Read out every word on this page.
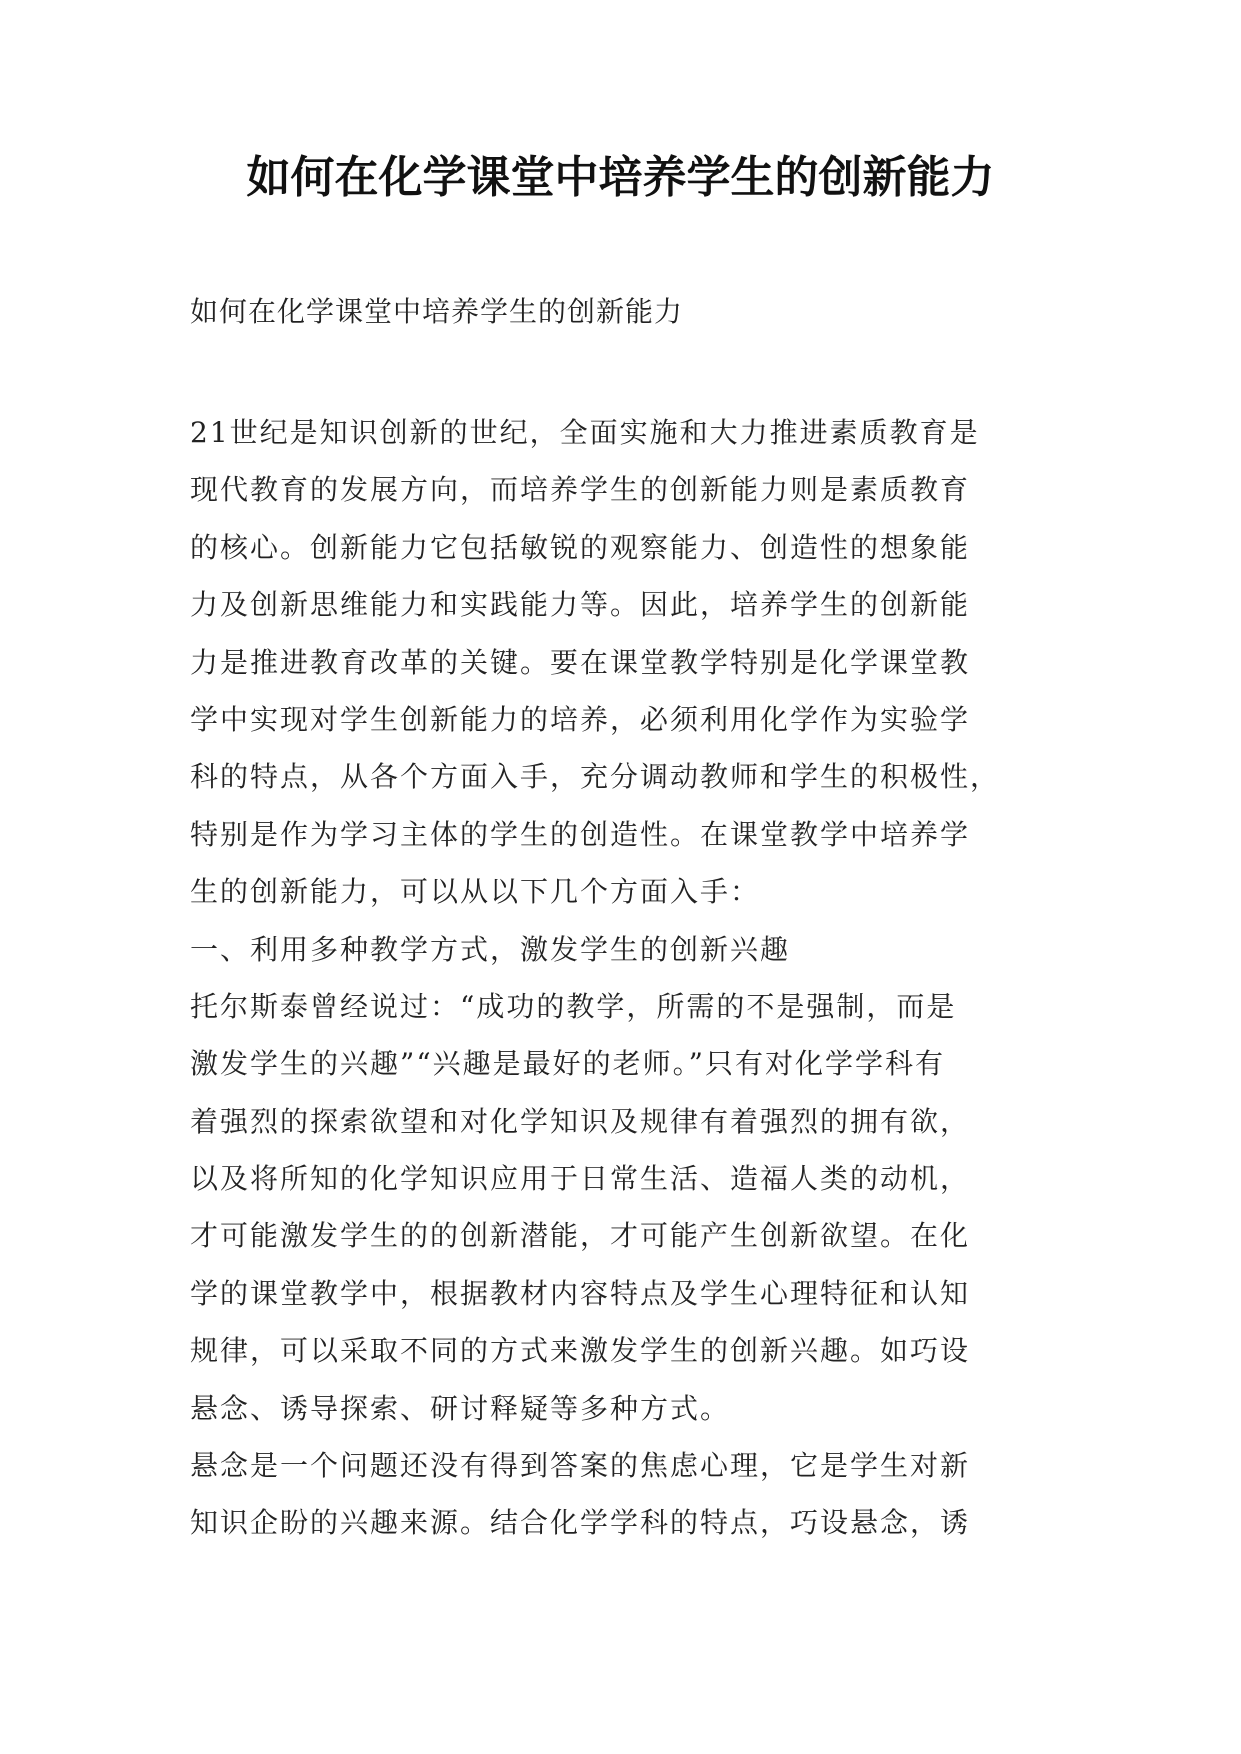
如何在化学课堂中培养学生的创新能力

如何在化学课堂中培养学生的创新能力

21世纪是知识创新的世纪，全面实施和大力推进素质教育是
现代教育的发展方向，而培养学生的创新能力则是素质教育
的核心。创新能力它包括敏锐的观察能力、创造性的想象能
力及创新思维能力和实践能力等。因此，培养学生的创新能
力是推进教育改革的关键。要在课堂教学特别是化学课堂教
学中实现对学生创新能力的培养，必须利用化学作为实验学
科的特点，从各个方面入手，充分调动教师和学生的积极性，
特别是作为学习主体的学生的创造性。在课堂教学中培养学
生的创新能力，可以从以下几个方面入手：
一、利用多种教学方式，激发学生的创新兴趣
托尔斯泰曾经说过：“成功的教学，所需的不是强制，而是
激发学生的兴趣”“兴趣是最好的老师。”只有对化学学科有
着强烈的探索欲望和对化学知识及规律有着强烈的拥有欲，
以及将所知的化学知识应用于日常生活、造福人类的动机，
才可能激发学生的的创新潜能，才可能产生创新欲望。在化
学的课堂教学中，根据教材内容特点及学生心理特征和认知
规律，可以采取不同的方式来激发学生的创新兴趣。如巧设
悬念、诱导探索、研讨释疑等多种方式。
悬念是一个问题还没有得到答案的焦虑心理，它是学生对新
知识企盼的兴趣来源。结合化学学科的特点，巧设悬念，诱
